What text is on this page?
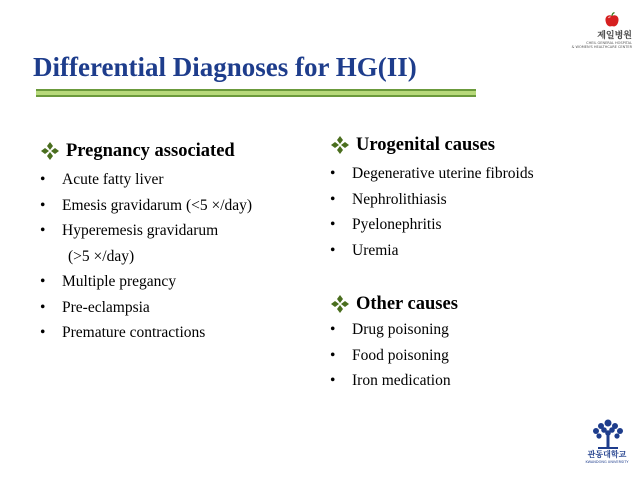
제일병원
CHEIL GENERAL HOSPITAL
& WOMEN'S HEALTHCARE CENTER
Differential Diagnoses for HG(II)
Pregnancy associated
• Acute fatty liver
• Emesis gravidarum (<5 ×/day)
• Hyperemesis gravidarum
(>5 ×/day)
• Multiple pregancy
• Pre-eclampsia
• Premature contractions
Urogenital causes
• Degenerative uterine fibroids
• Nephrolithiasis
• Pyelonephritis
• Uremia
Other causes
• Drug poisoning
• Food poisoning
• Iron medication
관동대학교
KWANDONG UNIVERSITY
